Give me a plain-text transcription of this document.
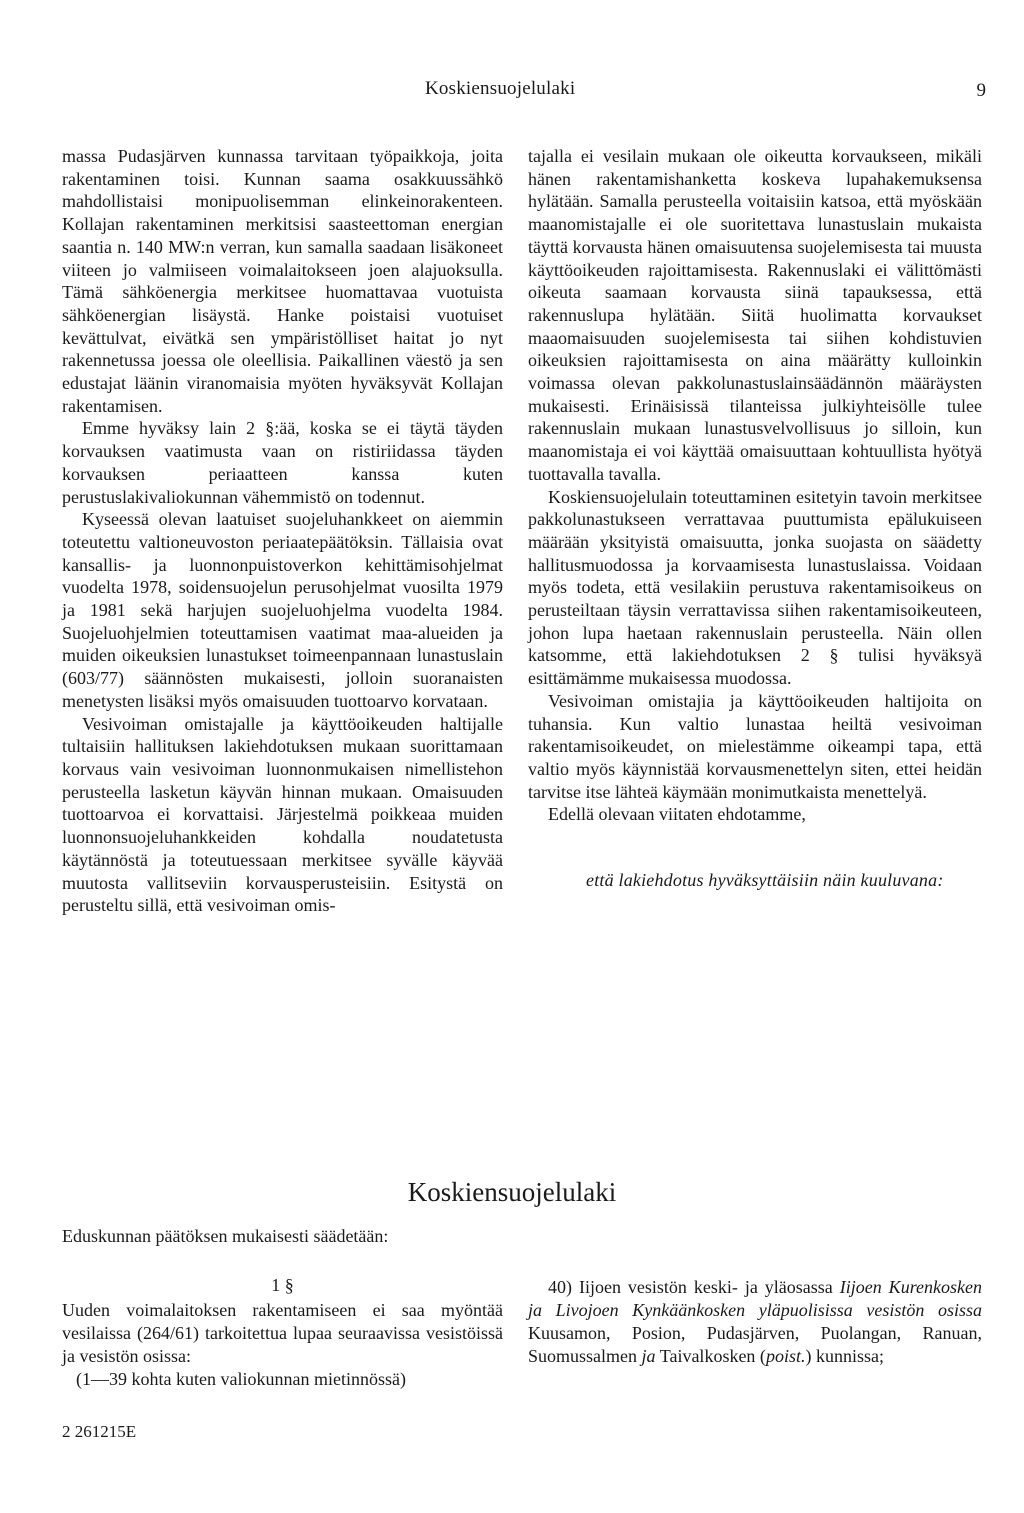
Koskiensuojelulaki	9

massa Pudasjärven kunnassa tarvitaan työpaikkoja, joita rakentaminen toisi. Kunnan saama osakkuussähkö mahdollistaisi monipuolisemman elinkeinorakenteen. Kollajan rakentaminen merkitsisi saasteettoman energian saantia n. 140 MW:n verran, kun samalla saadaan lisäkoneet viiteen jo valmiiseen voimalaitokseen joen alajuoksulla. Tämä sähköenergia merkitsee huomattavaa vuotuista sähköenergian lisäystä. Hanke poistaisi vuotuiset kevättulvat, eivätkä sen ympäristölliset haitat jo nyt rakennetussa joessa ole oleellisia. Paikallinen väestö ja sen edustajat läänin viranomaisia myöten hyväksyvät Kollajan rakentamisen.

Emme hyväksy lain 2 §:ää, koska se ei täytä täyden korvauksen vaatimusta vaan on ristiriidassa täyden korvauksen periaatteen kanssa kuten perustuslakivaliokunnan vähemmistö on todennut.

Kyseessä olevan laatuiset suojeluhankkeet on aiemmin toteutettu valtioneuvoston periaatepäätöksin. Tällaisia ovat kansallis- ja luonnonpuistoverkon kehittämisohjelmat vuodelta 1978, soidensuojelun perusohjelmat vuosilta 1979 ja 1981 sekä harjujen suojeluohjelma vuodelta 1984. Suojeluohjelmien toteuttamisen vaatimat maa-alueiden ja muiden oikeuksien lunastukset toimeenpannaan lunastuslain (603/77) säännösten mukaisesti, jolloin suoranaisten menetysten lisäksi myös omaisuuden tuottoarvo korvataan.

Vesivoiman omistajalle ja käyttöoikeuden haltijalle tultaisiin hallituksen lakiehdotuksen mukaan suorittamaan korvaus vain vesivoiman luonnonmukaisen nimellistehon perusteella lasketun käyvän hinnan mukaan. Omaisuuden tuottoarvoa ei korvattaisi. Järjestelmä poikkeaa muiden luonnonsuojeluhankkeiden kohdalla noudatetusta käytännöstä ja toteutuessaan merkitsee syvälle käyvää muutosta vallitseviin korvausperusteisiin. Esitystä on perusteltu sillä, että vesivoiman omis-

tajalla ei vesilain mukaan ole oikeutta korvaukseen, mikäli hänen rakentamishanketta koskeva lupahakemuksensa hylätään. Samalla perusteella voitaisiin katsoa, että myöskään maanomistajalle ei ole suoritettava lunastuslain mukaista täyttä korvausta hänen omaisuutensa suojelemisesta tai muusta käyttöoikeuden rajoittamisesta. Rakennuslaki ei välittömästi oikeuta saamaan korvausta siinä tapauksessa, että rakennuslupa hylätään. Siitä huolimatta korvaukset maaomaisuuden suojelemisesta tai siihen kohdistuvien oikeuksien rajoittamisesta on aina määrätty kulloinkin voimassa olevan pakkolunastuslainsäädännön määräysten mukaisesti. Erinäisissä tilanteissa julkiyhteisölle tulee rakennuslain mukaan lunastusvelvollisuus jo silloin, kun maanomistaja ei voi käyttää omaisuuttaan kohtuullista hyötyä tuottavalla tavalla.

Koskiensuojelulain toteuttaminen esitetyin tavoin merkitsee pakkolunastukseen verrattavaa puuttumista epälukuiseen määrään yksityistä omaisuutta, jonka suojasta on säädetty hallitusmuodossa ja korvaamisesta lunastuslaissa. Voidaan myös todeta, että vesilakiin perustuva rakentamisoikeus on perusteiltaan täysin verrattavissa siihen rakentamisoikeuteen, johon lupa haetaan rakennuslain perusteella. Näin ollen katsomme, että lakiehdotuksen 2 § tulisi hyväksyä esittämämme mukaisessa muodossa.

Vesivoiman omistajia ja käyttöoikeuden haltijoita on tuhansia. Kun valtio lunastaa heiltä vesivoiman rakentamisoikeudet, on mielestämme oikeampi tapa, että valtio myös käynnistää korvausmenettelyn siten, ettei heidän tarvitse itse lähteä käymään monimutkaista menettelyä.

Edellä olevaan viitaten ehdotamme,

että lakiehdotus hyväksyttäisiin näin kuuluvana:

Koskiensuojelulaki
Eduskunnan päätöksen mukaisesti säädetään:
1 §

Uuden voimalaitoksen rakentamiseen ei saa myöntää vesilaissa (264/61) tarkoitettua lupaa seuraavissa vesistöissä ja vesistön osissa:

(1—39 kohta kuten valiokunnan mietinnössä)

40) Iijoen vesistön keski- ja yläosassa Iijoen Kurenkosken ja Livojoen Kynkäänkosken yläpuolisissa vesistön osissa Kuusamon, Posion, Pudasjärven, Puolangan, Ranuan, Suomussalmen ja Taivalkosken (poist.) kunnissa;

2 261215E
